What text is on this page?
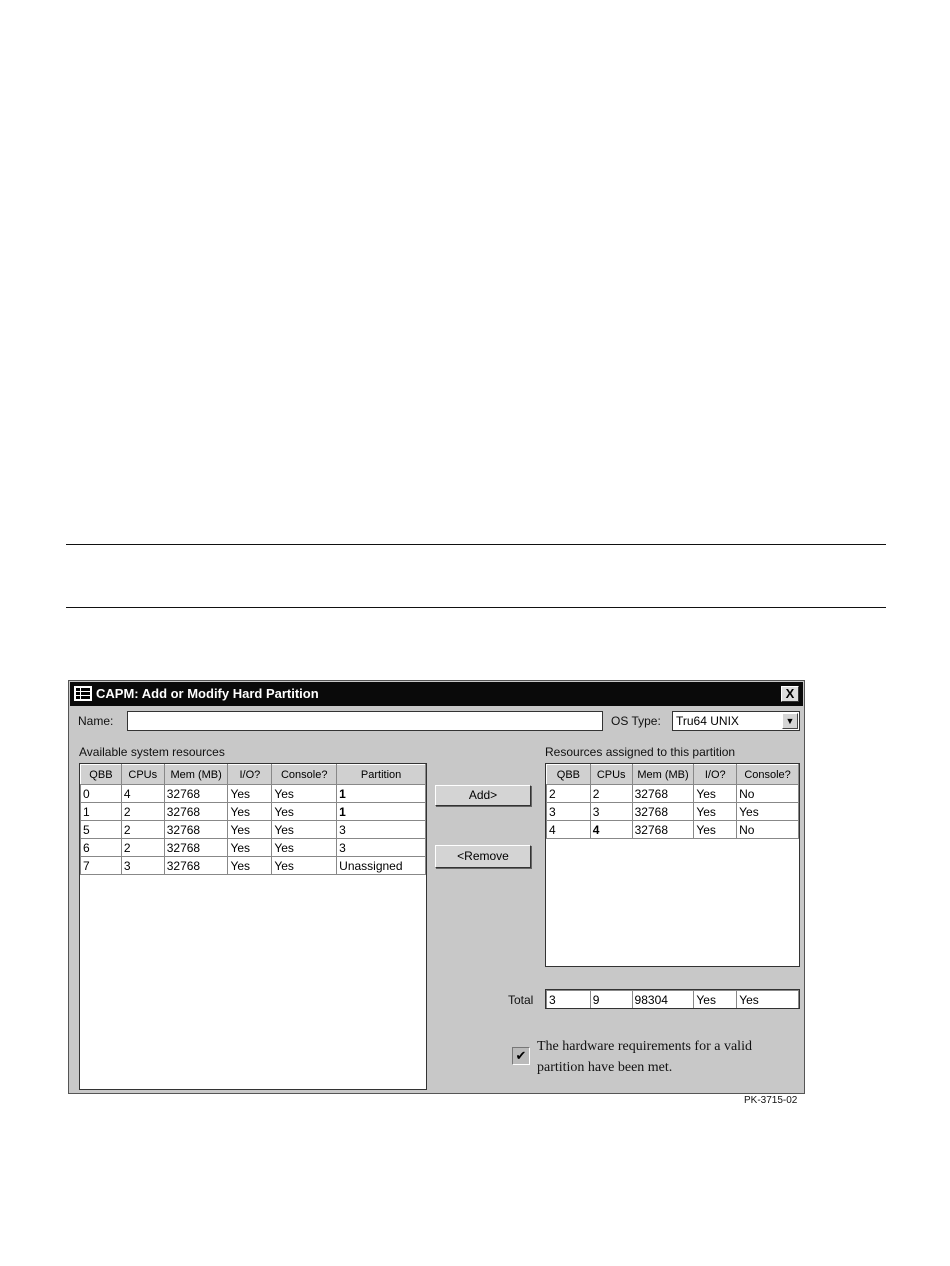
CAPM: Add or Modify Hard Partition	X
Name:	OS Type: Tru64 UNIX	▼
Available system resources
QBB	CPUs	Mem (MB)	I/O?	Console?	Partition
0	4	32768	Yes	Yes	1
1	2	32768	Yes	Yes	1
5	2	32768	Yes	Yes	3
6	2	32768	Yes	Yes	3
7	3	32768	Yes	Yes	Unassigned
Add>
<Remove
Resources assigned to this partition
QBB	CPUs	Mem (MB)	I/O?	Console?
2	2	32768	Yes	No
3	3	32768	Yes	Yes
4	4	32768	Yes	No
Total 3	9	98304	Yes	Yes
✔
The hardware requirements for a valid
partition have been met.
PK-3715-02
